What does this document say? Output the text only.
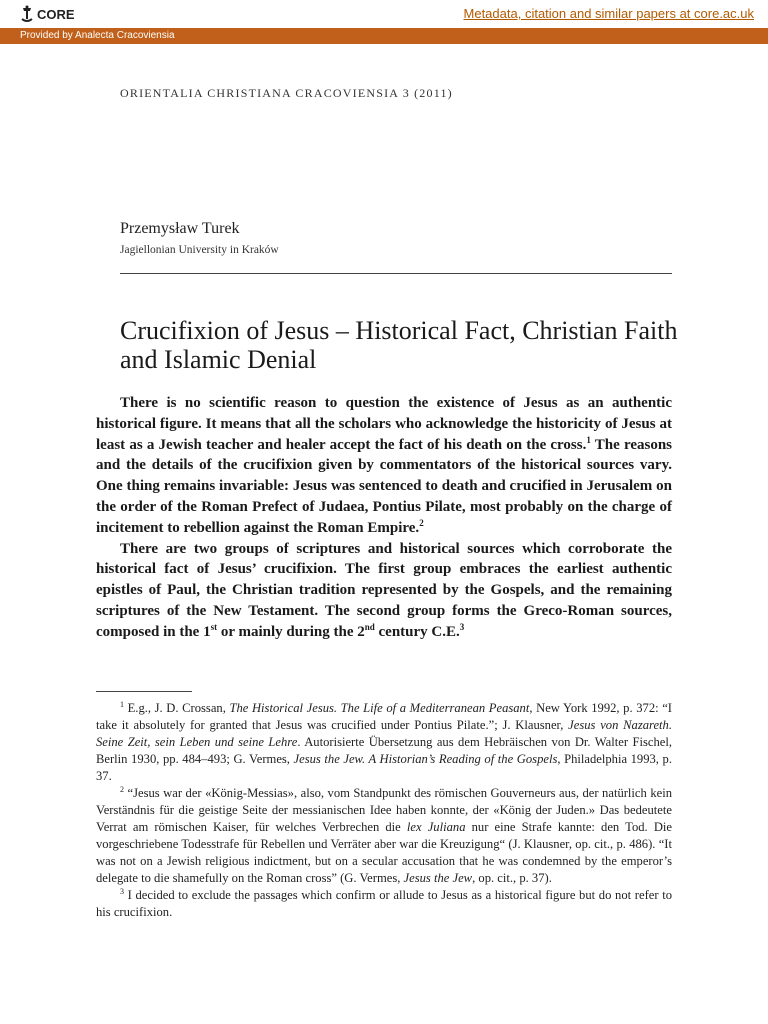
CORE	Metadata, citation and similar papers at core.ac.uk
Provided by Analecta Cracoviensia
ORIENTALIA CHRISTIANA CRACOVIENSIA 3 (2011)
Przemysław Turek
Jagiellonian University in Kraków
Crucifixion of Jesus – Historical Fact, Christian Faith and Islamic Denial

There is no scientific reason to question the existence of Jesus as an authentic historical figure. It means that all the scholars who acknowledge the historicity of Jesus at least as a Jewish teacher and healer accept the fact of his death on the cross.$^1$ The reasons and the details of the crucifixion given by commentators of the historical sources vary. One thing remains invariable: Jesus was sentenced to death and crucified in Jerusalem on the order of the Roman Prefect of Judaea, Pontius Pilate, most probably on the charge of incitement to rebellion against the Roman Empire.$^2$

There are two groups of scriptures and historical sources which corroborate the historical fact of Jesus’ crucifixion. The first group embraces the earliest authentic epistles of Paul, the Christian tradition represented by the Gospels, and the remaining scriptures of the New Testament. The second group forms the Greco-Roman sources, composed in the 1st or mainly during the 2nd century C.E.$^3$

$^1$ E.g., J. D. Crossan, The Historical Jesus. The Life of a Mediterranean Peasant, New York 1992, p. 372: “I take it absolutely for granted that Jesus was crucified under Pontius Pilate.”; J. Klausner, Jesus von Nazareth. Seine Zeit, sein Leben und seine Lehre. Autorisierte Übersetzung aus dem Hebräischen von Dr. Walter Fischel, Berlin 1930, pp. 484–493; G. Vermes, Jesus the Jew. A Historian’s Reading of the Gospels, Philadelphia 1993, p. 37.

$^2$ “Jesus war der «König-Messias», also, vom Standpunkt des römischen Gouverneurs aus, der natürlich kein Verständnis für die geistige Seite der messianischen Idee haben konnte, der «König der Juden.» Das bedeutete Verrat am römischen Kaiser, für welches Verbrechen die lex Juliana nur eine Strafe kannte: den Tod. Die vorgeschriebene Todesstrafe für Rebellen und Verräter aber war die Kreuzigung“ (J. Klausner, op. cit., p. 486). “It was not on a Jewish religious indictment, but on a secular accusation that he was condemned by the emperor’s delegate to die shamefully on the Roman cross” (G. Vermes, Jesus the Jew, op. cit., p. 37).

$^3$ I decided to exclude the passages which confirm or allude to Jesus as a historical figure but do not refer to his crucifixion.
